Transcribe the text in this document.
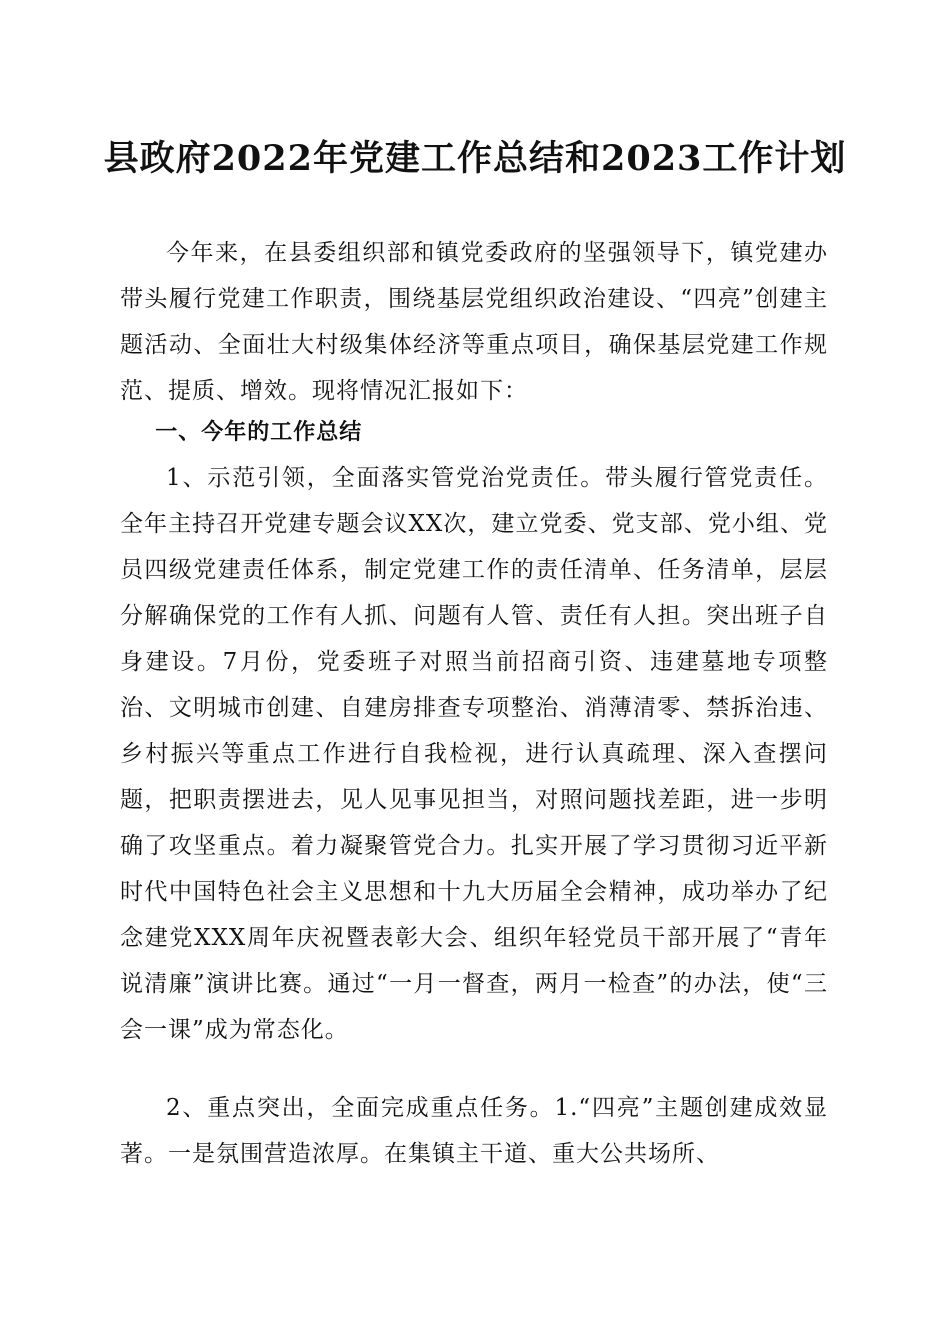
县政府2022年党建工作总结和2023工作计划

今年来，在县委组织部和镇党委政府的坚强领导下，镇党建办带头履行党建工作职责，围绕基层党组织政治建设、“四亮”创建主题活动、全面壮大村级集体经济等重点项目，确保基层党建工作规范、提质、增效。现将情况汇报如下：

一、今年的工作总结

1、示范引领，全面落实管党治党责任。带头履行管党责任。全年主持召开党建专题会议XX次，建立党委、党支部、党小组、党员四级党建责任体系，制定党建工作的责任清单、任务清单，层层分解确保党的工作有人抓、问题有人管、责任有人担。突出班子自身建设。7月份，党委班子对照当前招商引资、违建墓地专项整治、文明城市创建、自建房排查专项整治、消薄清零、禁拆治违、乡村振兴等重点工作进行自我检视，进行认真疏理、深入查摆问题，把职责摆进去，见人见事见担当，对照问题找差距，进一步明确了攻坚重点。着力凝聚管党合力。扎实开展了学习贯彻习近平新时代中国特色社会主义思想和十九大历届全会精神，成功举办了纪念建党XXX周年庆祝暨表彰大会、组织年轻党员干部开展了“青年说清廉”演讲比赛。通过“一月一督查，两月一检查”的办法，使“三会一课”成为常态化。

2、重点突出，全面完成重点任务。1.“四亮”主题创建成效显著。一是氛围营造浓厚。在集镇主干道、重大公共场所、
